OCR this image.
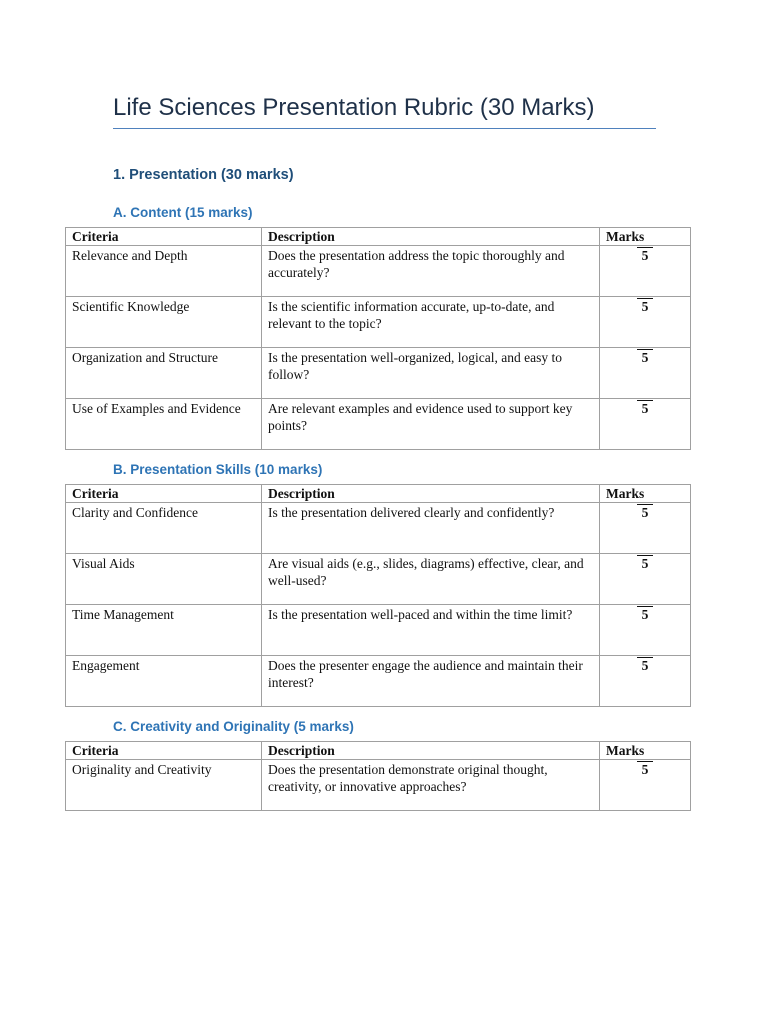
Life Sciences Presentation Rubric (30 Marks)
1. Presentation (30 marks)
A. Content (15 marks)
Criteria	Description	Marks
Relevance and Depth	Does the presentation address the topic thoroughly and accurately?	5
Scientific Knowledge	Is the scientific information accurate, up-to-date, and relevant to the topic?	5
Organization and Structure	Is the presentation well-organized, logical, and easy to follow?	5
Use of Examples and Evidence	Are relevant examples and evidence used to support key points?	5
B. Presentation Skills (10 marks)
Criteria	Description	Marks
Clarity and Confidence	Is the presentation delivered clearly and confidently?	5
Visual Aids	Are visual aids (e.g., slides, diagrams) effective, clear, and well-used?	5
Time Management	Is the presentation well-paced and within the time limit?	5
Engagement	Does the presenter engage the audience and maintain their interest?	5
C. Creativity and Originality (5 marks)
Criteria	Description	Marks
Originality and Creativity	Does the presentation demonstrate original thought, creativity, or innovative approaches?	5
